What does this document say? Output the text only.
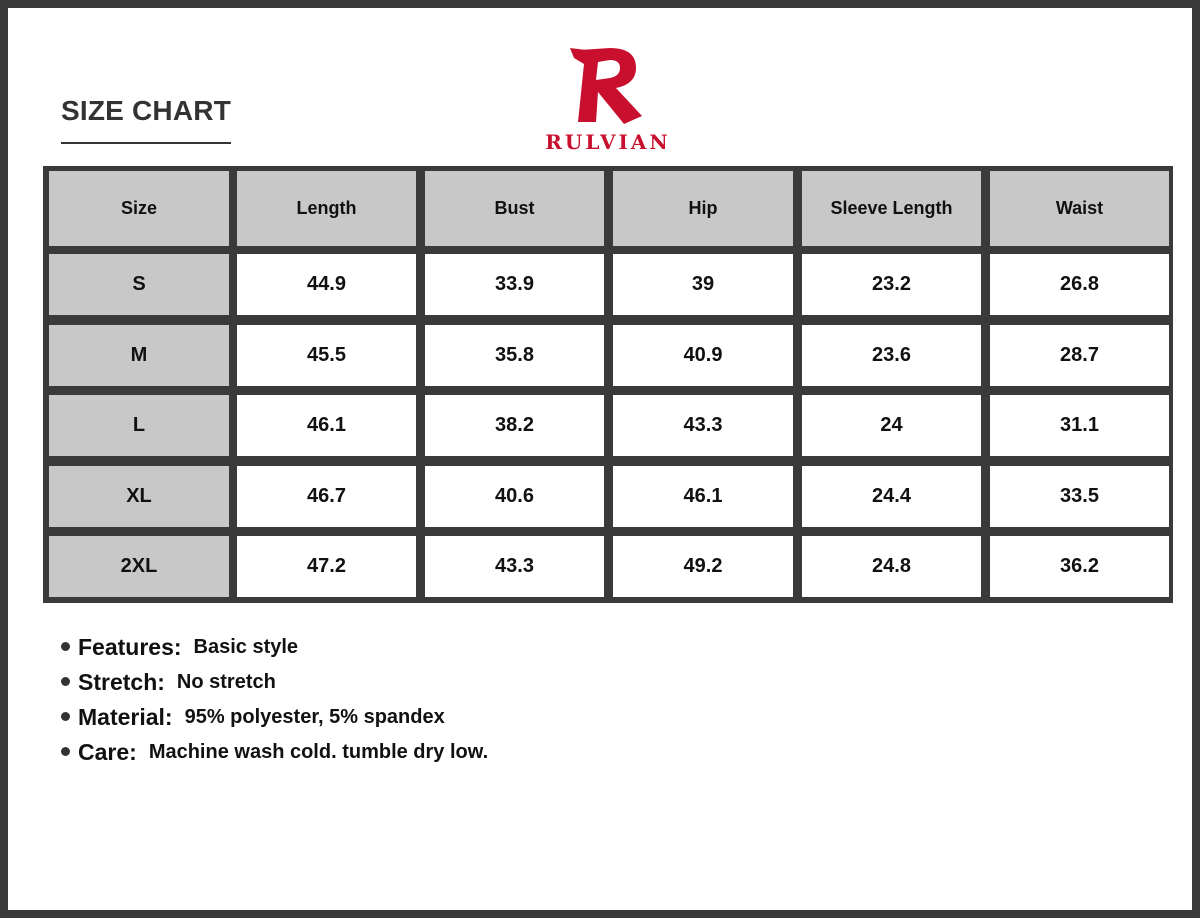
SIZE CHART
RULVIAN
Size	Length	Bust	Hip	Sleeve Length	Waist
S	44.9	33.9	39	23.2	26.8
M	45.5	35.8	40.9	23.6	28.7
L	46.1	38.2	43.3	24	31.1
XL	46.7	40.6	46.1	24.4	33.5
2XL	47.2	43.3	49.2	24.8	36.2
Features: Basic style
Stretch: No stretch
Material: 95% polyester, 5% spandex
Care: Machine wash cold. tumble dry low.
